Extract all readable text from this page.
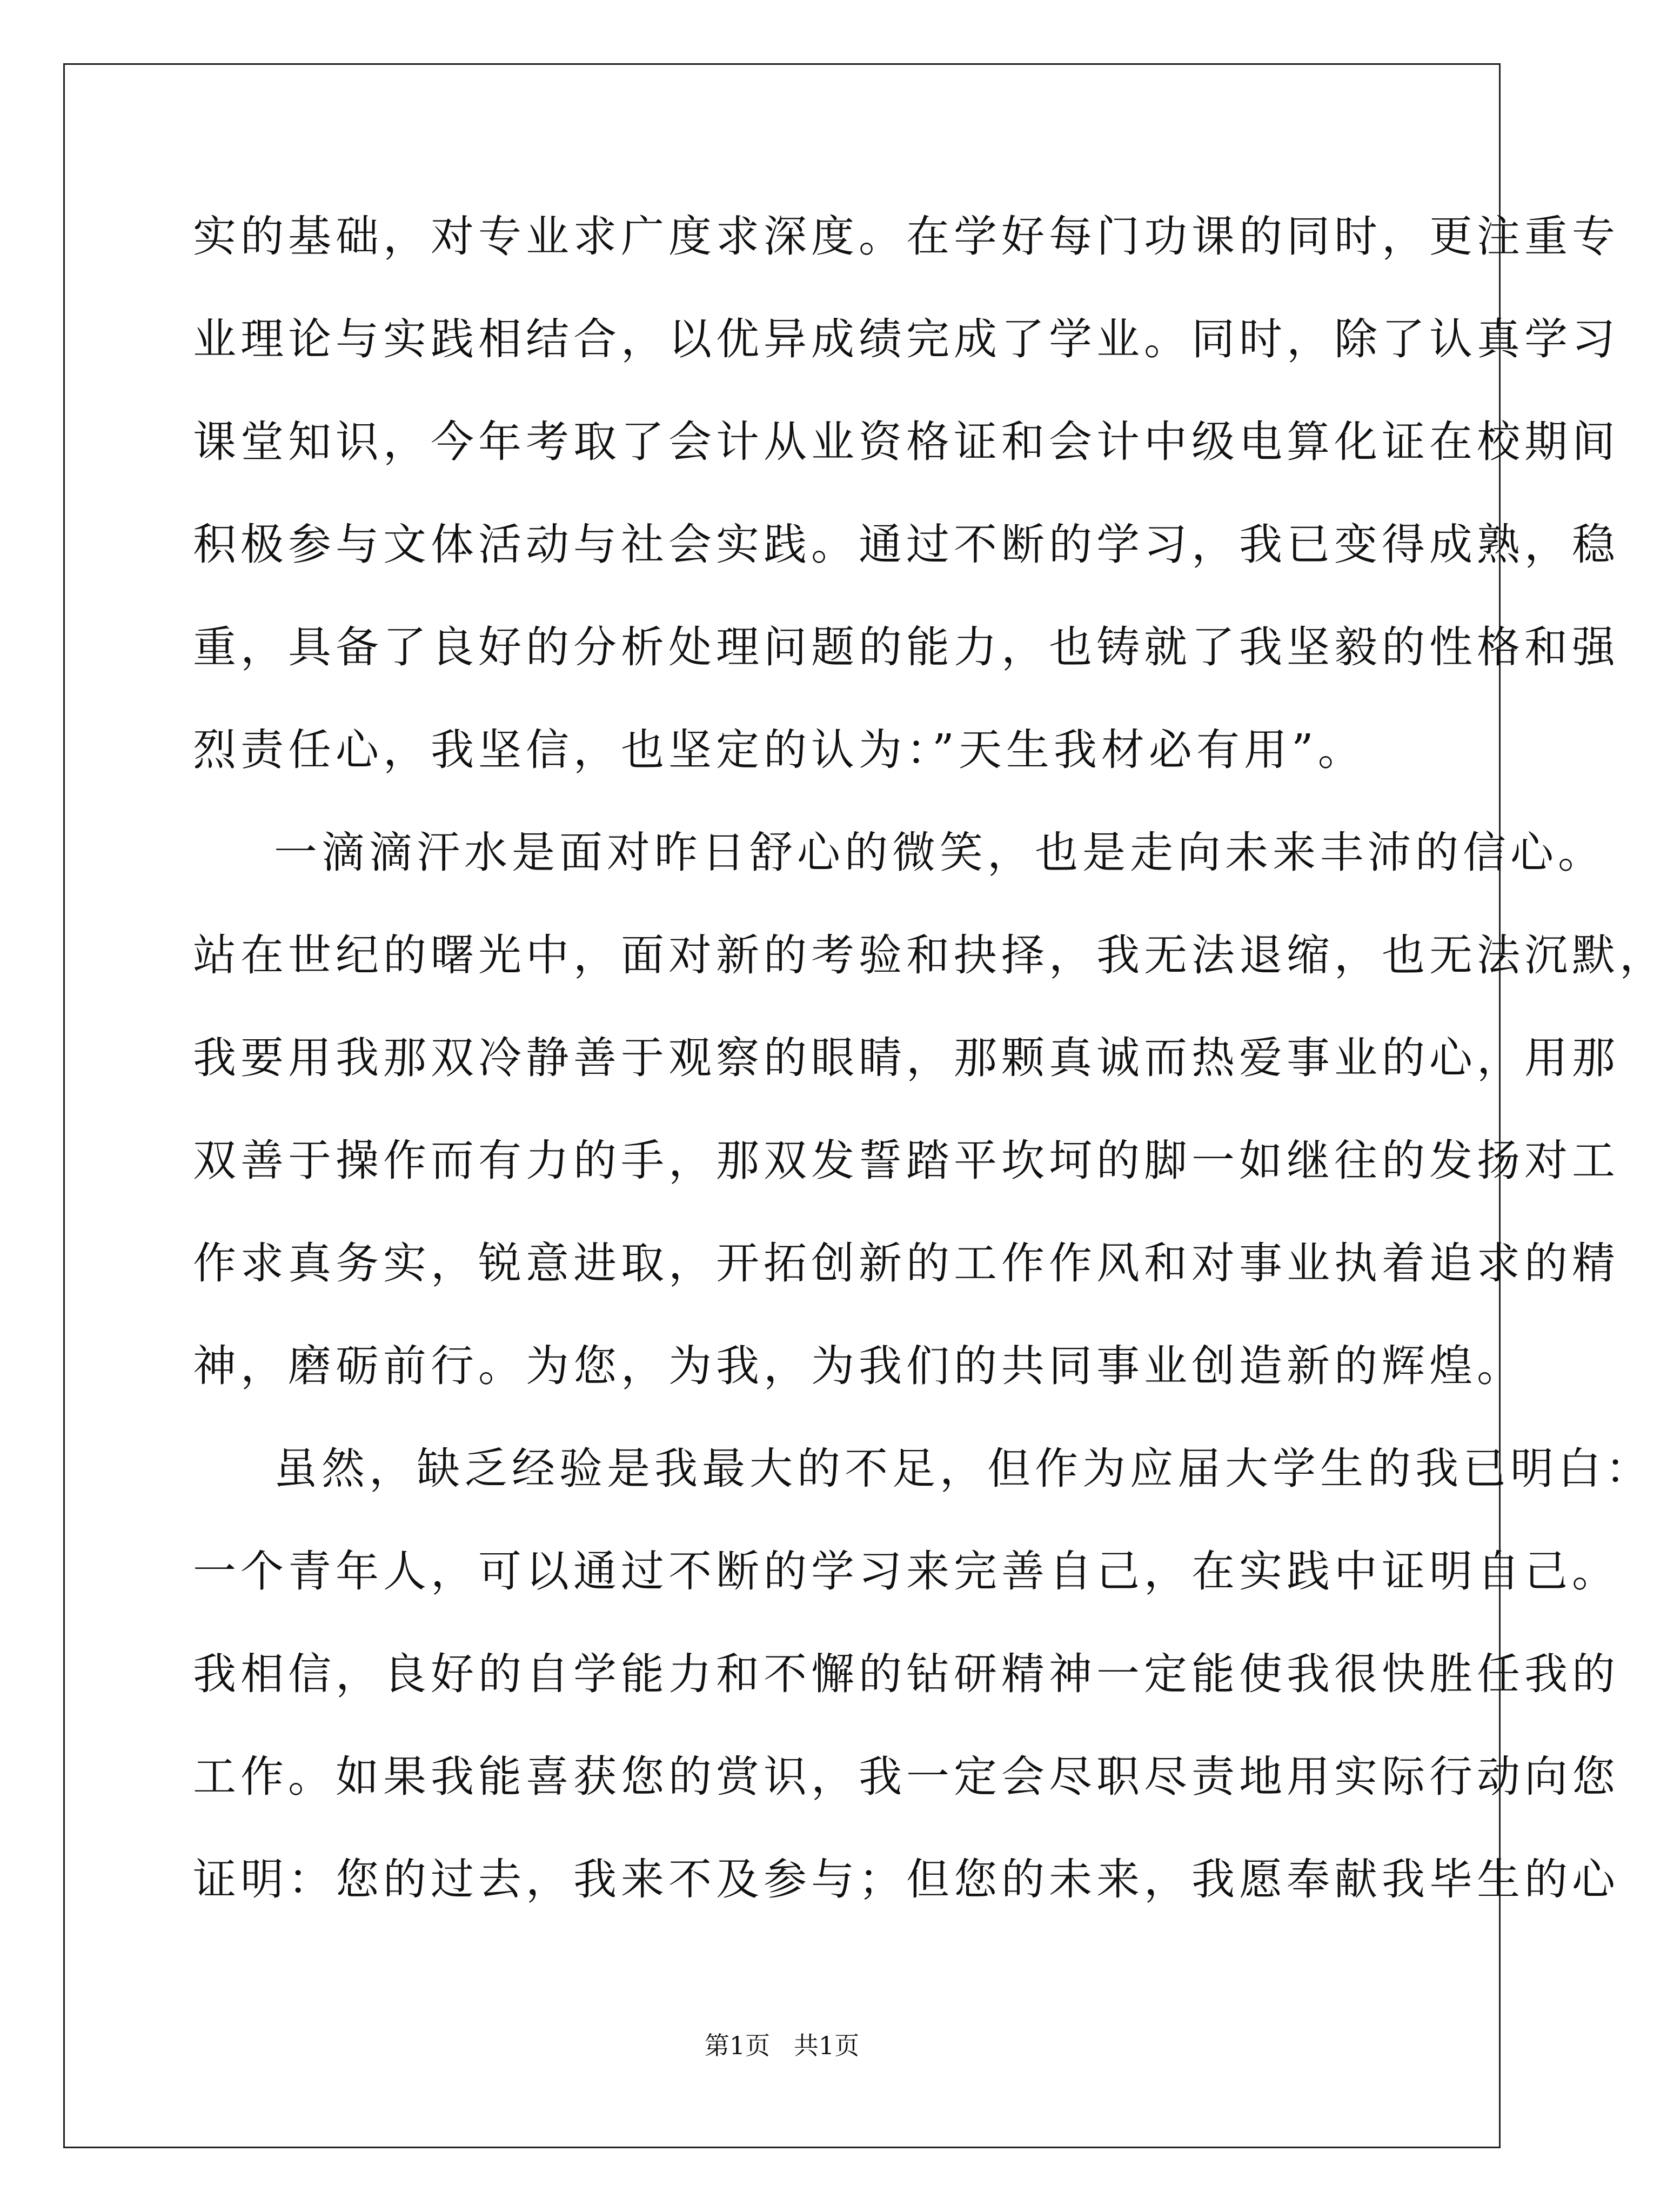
实的基础，对专业求广度求深度。在学好每门功课的同时，更注重专
业理论与实践相结合，以优异成绩完成了学业。同时，除了认真学习
课堂知识，今年考取了会计从业资格证和会计中级电算化证在校期间
积极参与文体活动与社会实践。通过不断的学习，我已变得成熟，稳
重，具备了良好的分析处理问题的能力，也铸就了我坚毅的性格和强
烈责任心，我坚信，也坚定的认为：”天生我材必有用”。
一滴滴汗水是面对昨日舒心的微笑，也是走向未来丰沛的信心。
站在世纪的曙光中，面对新的考验和抉择，我无法退缩，也无法沉默，
我要用我那双冷静善于观察的眼睛，那颗真诚而热爱事业的心，用那
双善于操作而有力的手，那双发誓踏平坎坷的脚一如继往的发扬对工
作求真务实，锐意进取，开拓创新的工作作风和对事业执着追求的精
神，磨砺前行。为您，为我，为我们的共同事业创造新的辉煌。
虽然，缺乏经验是我最大的不足，但作为应届大学生的我已明白：
一个青年人，可以通过不断的学习来完善自己，在实践中证明自己。
我相信，良好的自学能力和不懈的钻研精神一定能使我很快胜任我的
工作。如果我能喜获您的赏识，我一定会尽职尽责地用实际行动向您
证明：您的过去，我来不及参与；但您的未来，我愿奉献我毕生的心
第1页   共1页
